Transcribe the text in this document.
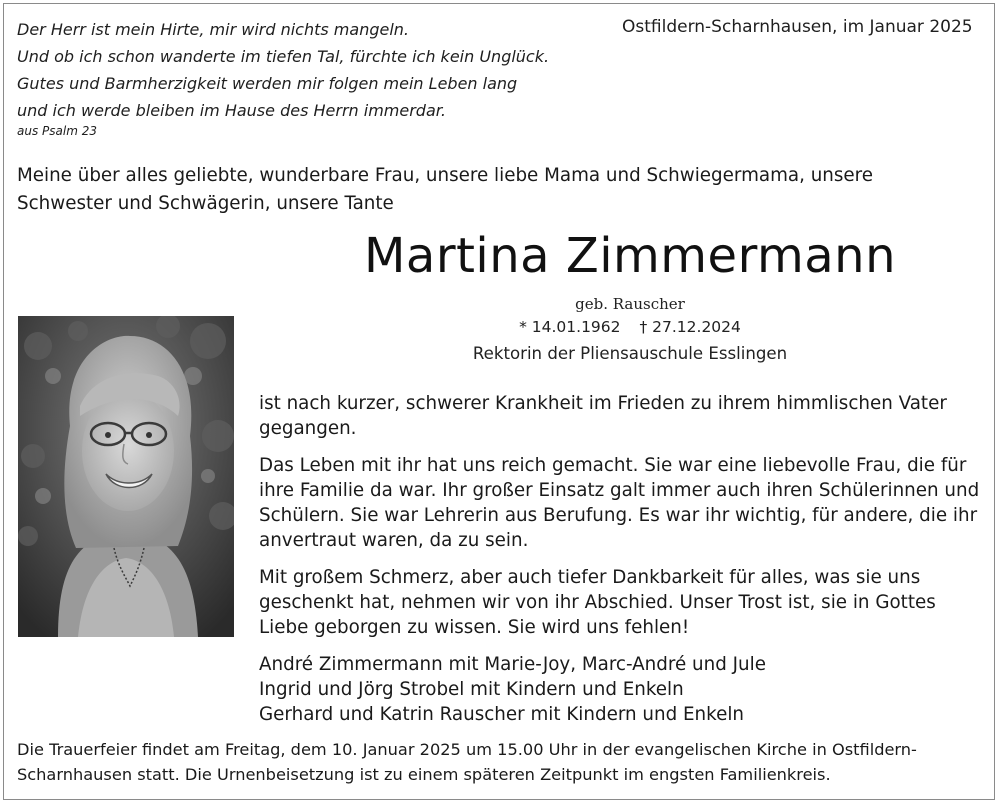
Der Herr ist mein Hirte, mir wird nichts mangeln.
Und ob ich schon wanderte im tiefen Tal, fürchte ich kein Unglück.
Gutes und Barmherzigkeit werden mir folgen mein Leben lang
und ich werde bleiben im Hause des Herrn immerdar.
aus Psalm 23
Ostfildern-Scharnhausen, im Januar 2025
Meine über alles geliebte, wunderbare Frau, unsere liebe Mama und Schwiegermama, unsere
Schwester und Schwägerin, unsere Tante
Martina Zimmermann
geb. Rauscher
* 14.01.1962 † 27.12.2024
Rektorin der Pliensauschule Esslingen

ist nach kurzer, schwerer Krankheit im Frieden zu ihrem himmlischen Vater gegangen.

Das Leben mit ihr hat uns reich gemacht. Sie war eine liebevolle Frau, die für ihre Familie da war. Ihr großer Einsatz galt immer auch ihren Schülerinnen und Schülern. Sie war Lehrerin aus Berufung. Es war ihr wichtig, für andere, die ihr anvertraut waren, da zu sein.

Mit großem Schmerz, aber auch tiefer Dankbarkeit für alles, was sie uns geschenkt hat, nehmen wir von ihr Abschied. Unser Trost ist, sie in Gottes Liebe geborgen zu wissen. Sie wird uns fehlen!

André Zimmermann mit Marie-Joy, Marc-André und Jule
Ingrid und Jörg Strobel mit Kindern und Enkeln
Gerhard und Katrin Rauscher mit Kindern und Enkeln
Die Trauerfeier findet am Freitag, dem 10. Januar 2025 um 15.00 Uhr in der evangelischen Kirche in Ostfildern-Scharnhausen statt. Die Urnenbeisetzung ist zu einem späteren Zeitpunkt im engsten Familienkreis.
